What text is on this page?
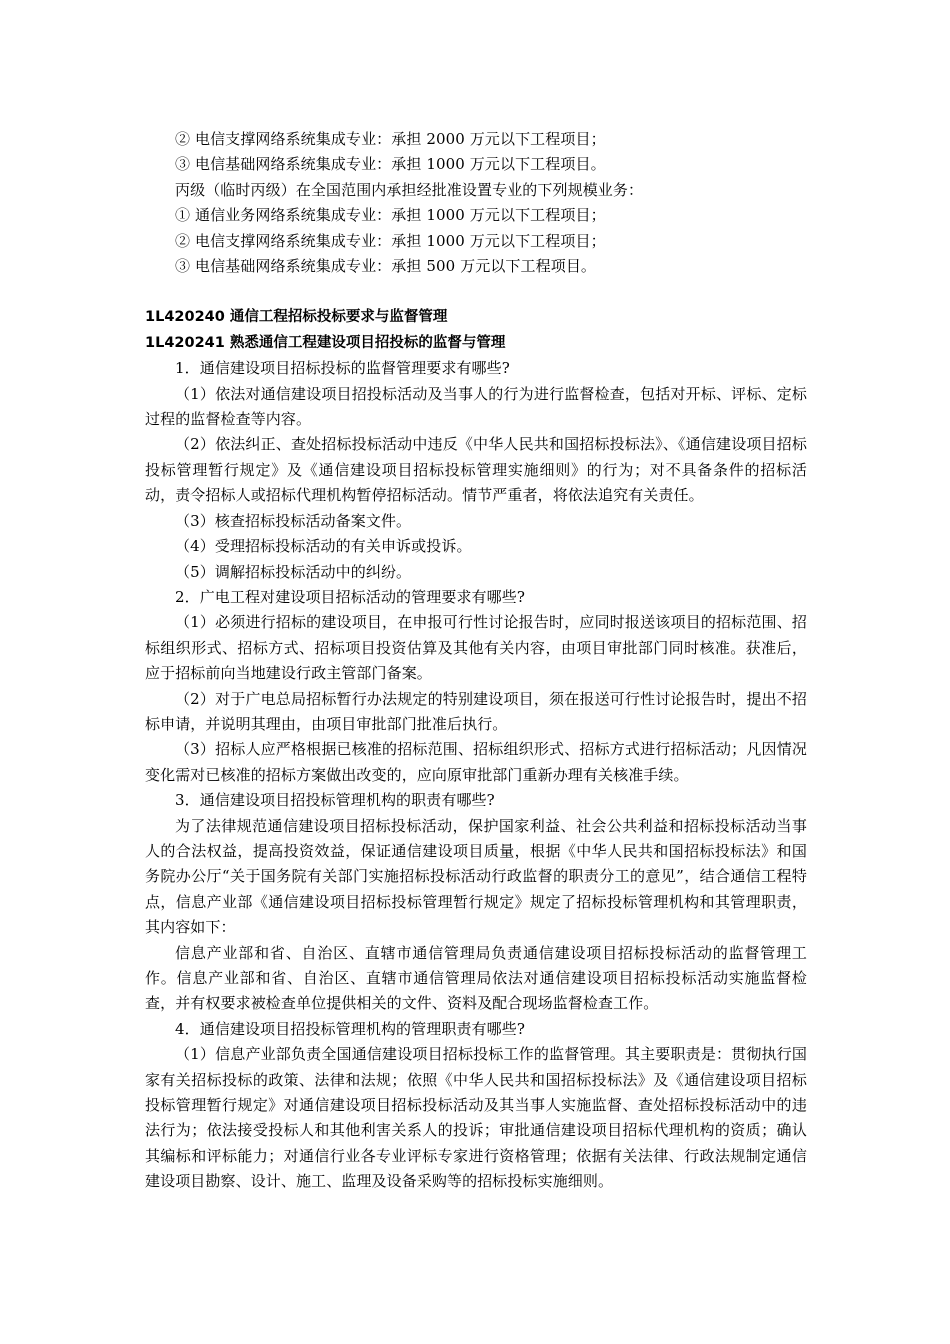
② 电信支撑网络系统集成专业：承担 2000 万元以下工程项目；

③ 电信基础网络系统集成专业：承担 1000 万元以下工程项目。

丙级（临时丙级）在全国范围内承担经批准设置专业的下列规模业务：

① 通信业务网络系统集成专业：承担 1000 万元以下工程项目；

② 电信支撑网络系统集成专业：承担 1000 万元以下工程项目；

③ 电信基础网络系统集成专业：承担 500 万元以下工程项目。

1L420240 通信工程招标投标要求与监督管理

1L420241 熟悉通信工程建设项目招投标的监督与管理

1．通信建设项目招标投标的监督管理要求有哪些?

（1）依法对通信建设项目招投标活动及当事人的行为进行监督检查，包括对开标、评标、定标过程的监督检查等内容。

（2）依法纠正、查处招标投标活动中违反《中华人民共和国招标投标法》、《通信建设项目招标投标管理暂行规定》及《通信建设项目招标投标管理实施细则》的行为；对不具备条件的招标活动，责令招标人或招标代理机构暂停招标活动。情节严重者，将依法追究有关责任。

（3）核查招标投标活动备案文件。

（4）受理招标投标活动的有关申诉或投诉。

（5）调解招标投标活动中的纠纷。

2．广电工程对建设项目招标活动的管理要求有哪些?

（1）必须进行招标的建设项目，在申报可行性讨论报告时，应同时报送该项目的招标范围、招标组织形式、招标方式、招标项目投资估算及其他有关内容，由项目审批部门同时核准。获准后，应于招标前向当地建设行政主管部门备案。

（2）对于广电总局招标暂行办法规定的特别建设项目，须在报送可行性讨论报告时，提出不招标申请，并说明其理由，由项目审批部门批准后执行。

（3）招标人应严格根据已核准的招标范围、招标组织形式、招标方式进行招标活动；凡因情况变化需对已核准的招标方案做出改变的，应向原审批部门重新办理有关核准手续。

3．通信建设项目招投标管理机构的职责有哪些?

为了法律规范通信建设项目招标投标活动，保护国家利益、社会公共利益和招标投标活动当事人的合法权益，提高投资效益，保证通信建设项目质量，根据《中华人民共和国招标投标法》和国务院办公厅“关于国务院有关部门实施招标投标活动行政监督的职责分工的意见”，结合通信工程特点，信息产业部《通信建设项目招标投标管理暂行规定》规定了招标投标管理机构和其管理职责，其内容如下：

信息产业部和省、自治区、直辖市通信管理局负责通信建设项目招标投标活动的监督管理工作。信息产业部和省、自治区、直辖市通信管理局依法对通信建设项目招标投标活动实施监督检查，并有权要求被检查单位提供相关的文件、资料及配合现场监督检查工作。

4．通信建设项目招投标管理机构的管理职责有哪些?

（1）信息产业部负责全国通信建设项目招标投标工作的监督管理。其主要职责是：贯彻执行国家有关招标投标的政策、法律和法规；依照《中华人民共和国招标投标法》及《通信建设项目招标投标管理暂行规定》对通信建设项目招标投标活动及其当事人实施监督、查处招标投标活动中的违法行为；依法接受投标人和其他利害关系人的投诉；审批通信建设项目招标代理机构的资质；确认其编标和评标能力；对通信行业各专业评标专家进行资格管理；依据有关法律、行政法规制定通信建设项目勘察、设计、施工、监理及设备采购等的招标投标实施细则。
